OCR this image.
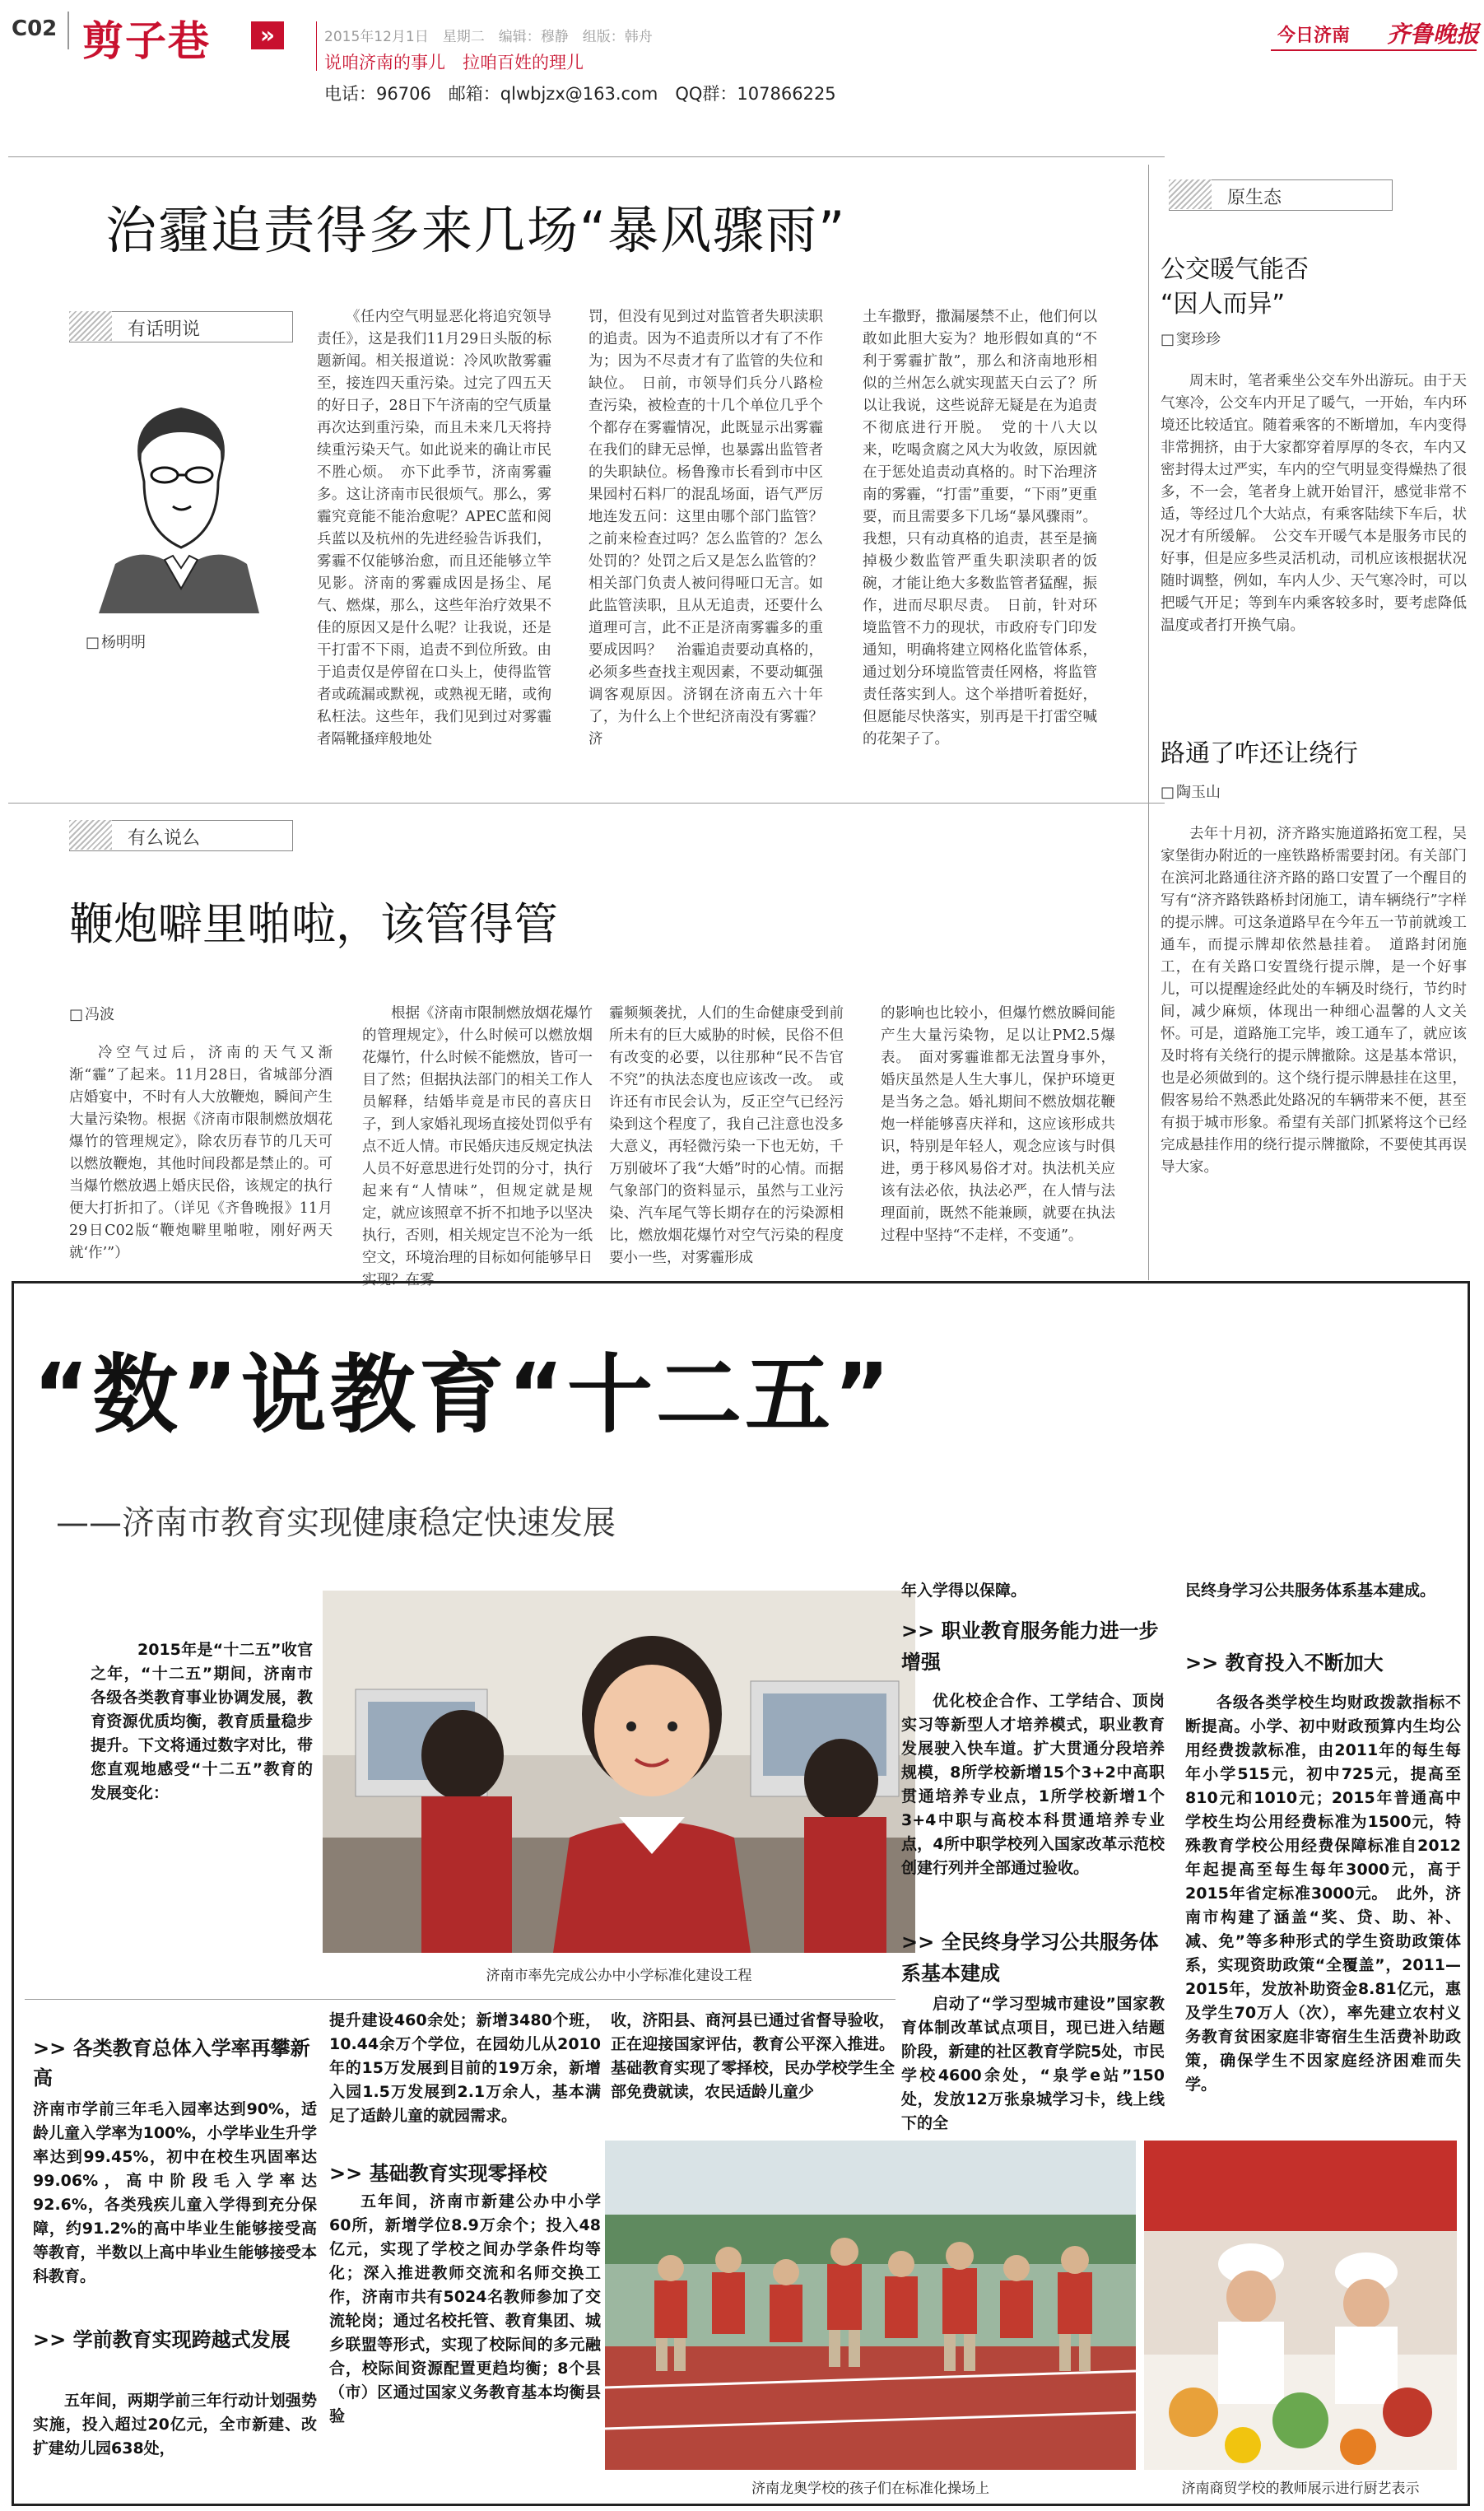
C02 剪子巷	»	2015年12月1日　星期二　编辑：穆静　组版：韩舟
说咱济南的事儿　拉咱百姓的理儿
电话：96706　邮箱：qlwbjzx@163.com　QQ群：107866225
今日济南 齐鲁晚报
治霾追责得多来几场“暴风骤雨”
有话明说
□ 杨明明
《任内空气明显恶化将追究领导责任》，这是我们11月29日头版的标题新闻。相关报道说：冷风吹散雾霾至，接连四天重污染。过完了四五天的好日子，28日下午济南的空气质量再次达到重污染，而且未来几天将持续重污染天气。如此说来的确让市民不胜心烦。　亦下此季节，济南雾霾多。这让济南市民很烦气。那么，雾霾究竟能不能治愈呢？APEC蓝和阅兵蓝以及杭州的先进经验告诉我们，雾霾不仅能够治愈，而且还能够立竿见影。济南的雾霾成因是扬尘、尾气、燃煤，那么，这些年治疗效果不佳的原因又是什么呢？让我说，还是干打雷不下雨，追责不到位所致。由于追责仅是停留在口头上，使得监管者或疏漏或默视，或熟视无睹，或徇私枉法。这些年，我们见到过对雾霾者隔靴搔痒般地处
罚，但没有见到过对监管者失职渎职的追责。因为不追责所以才有了不作为；因为不尽责才有了监管的失位和缺位。　日前，市领导们兵分八路检查污染，被检查的十几个单位几乎个个都存在雾霾情况，此既显示出雾霾在我们的肆无忌惮，也暴露出监管者的失职缺位。杨鲁豫市长看到市中区果园村石料厂的混乱场面，语气严厉地连发五问：这里由哪个部门监管？之前来检查过吗？怎么监管的？怎么处罚的？处罚之后又是怎么监管的？相关部门负责人被问得哑口无言。如此监管渎职，且从无追责，还要什么道理可言，此不正是济南雾霾多的重要成因吗？　治霾追责要动真格的，必须多些查找主观因素，不要动辄强调客观原因。济钢在济南五六十年了，为什么上个世纪济南没有雾霾？济
土车撒野，撒漏屡禁不止，他们何以敢如此胆大妄为？地形假如真的“不利于雾霾扩散”，那么和济南地形相似的兰州怎么就实现蓝天白云了？所以让我说，这些说辞无疑是在为追责不彻底进行开脱。　党的十八大以来，吃喝贪腐之风大为收敛，原因就在于惩处追责动真格的。时下治理济南的雾霾，“打雷”重要，“下雨”更重要，而且需要多下几场“暴风骤雨”。我想，只有动真格的追责，甚至是摘掉极少数监管严重失职渎职者的饭碗，才能让绝大多数监管者猛醒，振作，进而尽职尽责。　日前，针对环境监管不力的现状，市政府专门印发通知，明确将建立网格化监管体系，通过划分环境监管责任网格，将监管责任落实到人。这个举措听着挺好，但愿能尽快落实，别再是干打雷空喊的花架子了。
原生态
公交暖气能否
“因人而异”
□ 窦珍珍
周末时，笔者乘坐公交车外出游玩。由于天气寒冷，公交车内开足了暖气，一开始，车内环境还比较适宜。随着乘客的不断增加，车内变得非常拥挤，由于大家都穿着厚厚的冬衣，车内又密封得太过严实，车内的空气明显变得燥热了很多，不一会，笔者身上就开始冒汗，感觉非常不适，等经过几个大站点，有乘客陆续下车后，状况才有所缓解。　公交车开暖气本是服务市民的好事，但是应多些灵活机动，司机应该根据状况随时调整，例如，车内人少、天气寒冷时，可以把暖气开足；等到车内乘客较多时，要考虑降低温度或者打开换气扇。
路通了咋还让绕行
□ 陶玉山
去年十月初，济齐路实施道路拓宽工程，吴家堡街办附近的一座铁路桥需要封闭。有关部门在滨河北路通往济齐路的路口安置了一个醒目的写有“济齐路铁路桥封闭施工，请车辆绕行”字样的提示牌。可这条道路早在今年五一节前就竣工通车，而提示牌却依然悬挂着。　道路封闭施工，在有关路口安置绕行提示牌，是一个好事儿，可以提醒途经此处的车辆及时绕行，节约时间，减少麻烦，体现出一种细心温馨的人文关怀。可是，道路施工完毕，竣工通车了，就应该及时将有关绕行的提示牌撤除。这是基本常识，也是必须做到的。这个绕行提示牌悬挂在这里，假客易给不熟悉此处路况的车辆带来不便，甚至有损于城市形象。希望有关部门抓紧将这个已经完成悬挂作用的绕行提示牌撤除，不要使其再误导大家。
有么说么
鞭炮噼里啪啦，该管得管
□ 冯波
冷空气过后，济南的天气又渐渐“霾”了起来。11月28日，省城部分酒店婚宴中，不时有人大放鞭炮，瞬间产生大量污染物。根据《济南市限制燃放烟花爆竹的管理规定》，除农历春节的几天可以燃放鞭炮，其他时间段都是禁止的。可当爆竹燃放遇上婚庆民俗，该规定的执行便大打折扣了。（详见《齐鲁晚报》11月29日C02版“鞭炮噼里啪啦，刚好两天就‘作’”）
根据《济南市限制燃放烟花爆竹的管理规定》，什么时候可以燃放烟花爆竹，什么时候不能燃放，皆可一目了然；但据执法部门的相关工作人员解释，结婚毕竟是市民的喜庆日子，到人家婚礼现场直接处罚似乎有点不近人情。市民婚庆违反规定执法人员不好意思进行处罚的分寸，执行起来有“人情味”，但规定就是规定，就应该照章不折不扣地予以坚决执行，否则，相关规定岂不沦为一纸空文，环境治理的目标如何能够早日实现？在雾
霾频频袭扰，人们的生命健康受到前所未有的巨大威胁的时候，民俗不但有改变的必要，以往那种“民不告官不究”的执法态度也应该改一改。　或许还有市民会认为，反正空气已经污染到这个程度了，我自己注意也没多大意义，再轻微污染一下也无妨，千万别破坏了我“大婚”时的心情。而据气象部门的资料显示，虽然与工业污染、汽车尾气等长期存在的污染源相比，燃放烟花爆竹对空气污染的程度要小一些，对雾霾形成
的影响也比较小，但爆竹燃放瞬间能产生大量污染物，足以让PM2.5爆表。　面对雾霾谁都无法置身事外，婚庆虽然是人生大事儿，保护环境更是当务之急。婚礼期间不燃放烟花鞭炮一样能够喜庆祥和，这应该形成共识，特别是年轻人，观念应该与时俱进，勇于移风易俗才对。执法机关应该有法必依，执法必严，在人情与法理面前，既然不能兼顾，就要在执法过程中坚持“不走样，不变通”。
“数”说教育“十二五”
——济南市教育实现健康稳定快速发展
济南市率先完成公办中小学标准化建设工程
2015年是“十二五”收官之年，“十二五”期间，济南市各级各类教育事业协调发展，教育资源优质均衡，教育质量稳步提升。下文将通过数字对比，带您直观地感受“十二五”教育的发展变化：
>> 各类教育总体入学率再攀新高
济南市学前三年毛入园率达到90%，适龄儿童入学率为100%，小学毕业生升学率达到99.45%，初中在校生巩固率达99.06%，高中阶段毛入学率达92.6%，各类残疾儿童入学得到充分保障，约91.2%的高中毕业生能够接受高等教育，半数以上高中毕业生能够接受本科教育。
>> 学前教育实现跨越式发展
五年间，两期学前三年行动计划强势实施，投入超过20亿元，全市新建、改扩建幼儿园638处，
提升建设460余处；新增3480个班，10.44余万个学位，在园幼儿从2010年的15万发展到目前的19万余，新增入园1.5万发展到2.1万余人，基本满足了适龄儿童的就园需求。
>> 基础教育实现零择校
五年间，济南市新建公办中小学60所，新增学位8.9万余个；投入48亿元，实现了学校之间办学条件均等化；深入推进教师交流和名师交换工作，济南市共有5024名教师参加了交流轮岗；通过名校托管、教育集团、城乡联盟等形式，实现了校际间的多元融合，校际间资源配置更趋均衡；8个县（市）区通过国家义务教育基本均衡县验
收，济阳县、商河县已通过省督导验收，正在迎接国家评估，教育公平深入推进。基础教育实现了零择校，民办学校学生全部免费就读，农民适龄儿童少
年入学得以保障。
>> 职业教育服务能力进一步增强
优化校企合作、工学结合、顶岗实习等新型人才培养模式，职业教育发展驶入快车道。扩大贯通分段培养规模，8所学校新增15个3+2中高职贯通培养专业点，1所学校新增1个3+4中职与高校本科贯通培养专业点，4所中职学校列入国家改革示范校创建行列并全部通过验收。
>> 全民终身学习公共服务体系基本建成
启动了“学习型城市建设”国家教育体制改革试点项目，现已进入结题阶段，新建的社区教育学院5处，市民学校4600余处，“泉学e站”150处，发放12万张泉城学习卡，线上线下的全
民终身学习公共服务体系基本建成。
>> 教育投入不断加大
各级各类学校生均财政拨款指标不断提高。小学、初中财政预算内生均公用经费拨款标准，由2011年的每生每年小学515元，初中725元，提高至810元和1010元；2015年普通高中学校生均公用经费标准为1500元，特殊教育学校公用经费保障标准自2012年起提高至每生每年3000元，高于2015年省定标准3000元。　此外，济南市构建了涵盖“奖、贷、助、补、减、免”等多种形式的学生资助政策体系，实现资助政策“全覆盖”，2011—2015年，发放补助资金8.81亿元，惠及学生70万人（次），率先建立农村义务教育贫困家庭非寄宿生生活费补助政策，确保学生不因家庭经济困难而失学。
济南龙奥学校的孩子们在标准化操场上	济南商贸学校的教师展示进行厨艺表示
